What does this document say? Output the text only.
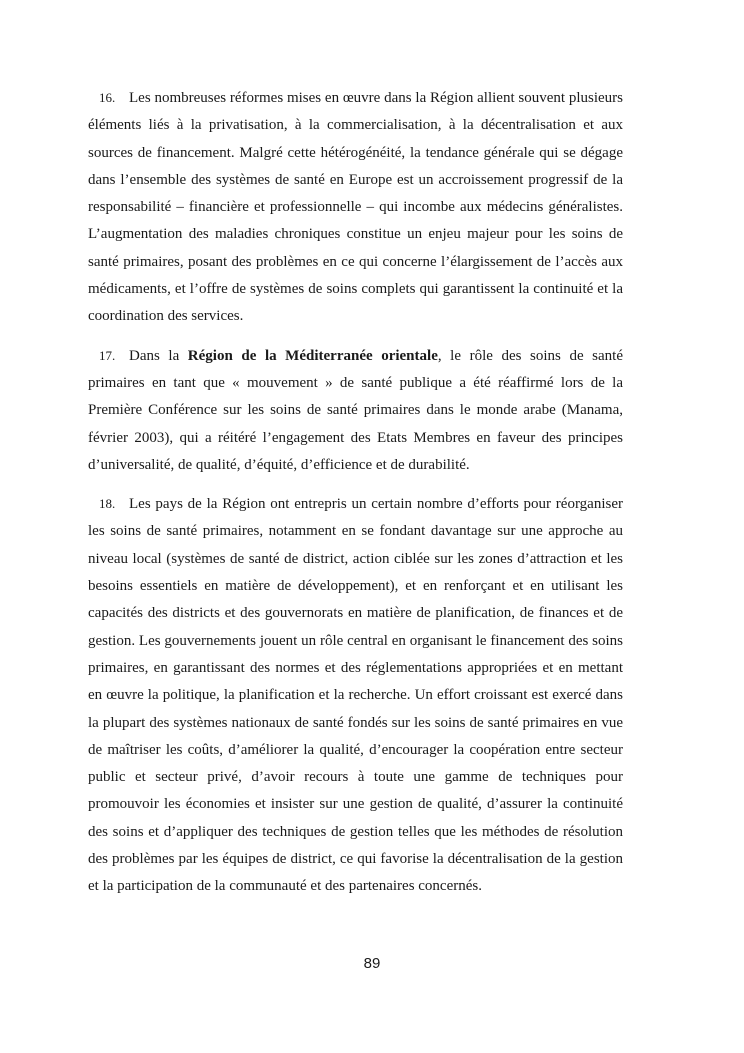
16. Les nombreuses réformes mises en œuvre dans la Région allient souvent plusieurs éléments liés à la privatisation, à la commercialisation, à la décentralisation et aux sources de financement. Malgré cette hétérogénéité, la tendance générale qui se dégage dans l’ensemble des systèmes de santé en Europe est un accroissement progressif de la responsabilité – financière et professionnelle – qui incombe aux médecins généralistes. L’augmentation des maladies chroniques constitue un enjeu majeur pour les soins de santé primaires, posant des problèmes en ce qui concerne l’élargissement de l’accès aux médicaments, et l’offre de systèmes de soins complets qui garantissent la continuité et la coordination des services.

17. Dans la Région de la Méditerranée orientale, le rôle des soins de santé primaires en tant que « mouvement » de santé publique a été réaffirmé lors de la Première Conférence sur les soins de santé primaires dans le monde arabe (Manama, février 2003), qui a réitéré l’engagement des Etats Membres en faveur des principes d’universalité, de qualité, d’équité, d’efficience et de durabilité.

18. Les pays de la Région ont entrepris un certain nombre d’efforts pour réorganiser les soins de santé primaires, notamment en se fondant davantage sur une approche au niveau local (systèmes de santé de district, action ciblée sur les zones d’attraction et les besoins essentiels en matière de développement), et en renforçant et en utilisant les capacités des districts et des gouvernorats en matière de planification, de finances et de gestion. Les gouvernements jouent un rôle central en organisant le financement des soins primaires, en garantissant des normes et des réglementations appropriées et en mettant en œuvre la politique, la planification et la recherche. Un effort croissant est exercé dans la plupart des systèmes nationaux de santé fondés sur les soins de santé primaires en vue de maîtriser les coûts, d’améliorer la qualité, d’encourager la coopération entre secteur public et secteur privé, d’avoir recours à toute une gamme de techniques pour promouvoir les économies et insister sur une gestion de qualité, d’assurer la continuité des soins et d’appliquer des techniques de gestion telles que les méthodes de résolution des problèmes par les équipes de district, ce qui favorise la décentralisation de la gestion et la participation de la communauté et des partenaires concernés.

89
